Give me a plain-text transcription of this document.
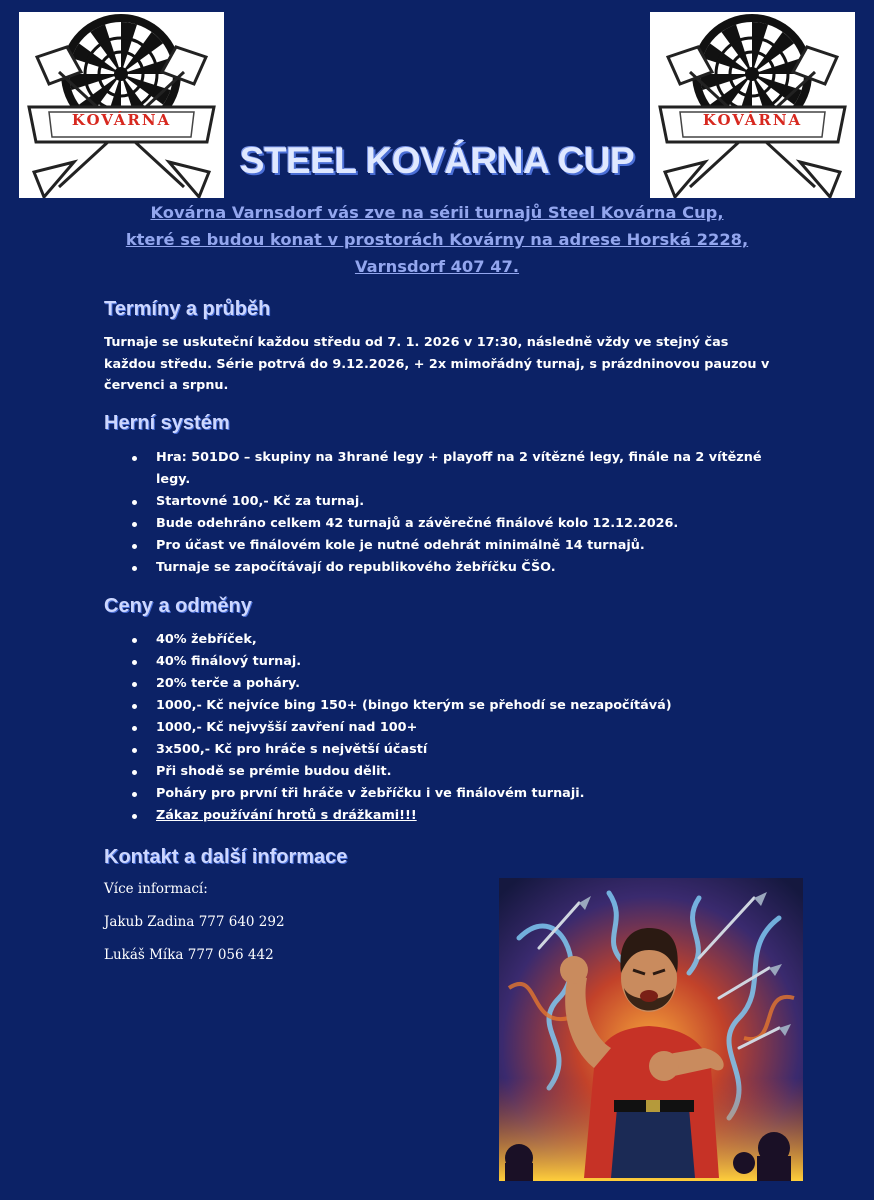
KOVÁRNA	KOVÁRNA
STEEL KOVÁRNA CUP
Kovárna Varnsdorf vás zve na sérii turnajů Steel Kovárna Cup,
které se budou konat v prostorách Kovárny na adrese Horská 2228,
Varnsdorf 407 47.
Termíny a průběh
Turnaje se uskuteční každou středu od 7. 1. 2026 v 17:30, následně vždy ve stejný čas každou středu. Série potrvá do 9.12.2026, + 2x mimořádný turnaj, s prázdninovou pauzou v červenci a srpnu.
Herní systém
Hra: 501DO – skupiny na 3hrané legy + playoff na 2 vítězné legy, finále na 2 vítězné legy.
Startovné 100,- Kč za turnaj.
Bude odehráno celkem 42 turnajů a závěrečné finálové kolo 12.12.2026.
Pro účast ve finálovém kole je nutné odehrát minimálně 14 turnajů.
Turnaje se započítávají do republikového žebříčku ČŠO.
Ceny a odměny
40% žebříček,
40% finálový turnaj.
20% terče a poháry.
1000,- Kč nejvíce bing 150+ (bingo kterým se přehodí se nezapočítává)
1000,- Kč nejvyšší zavření nad 100+
3x500,- Kč pro hráče s největší účastí
Při shodě se prémie budou dělit.
Poháry pro první tři hráče v žebříčku i ve finálovém turnaji.
Zákaz používání hrotů s drážkami!!!
Kontakt a další informace
Více informací:
Jakub Zadina 777 640 292
Lukáš Míka 777 056 442
